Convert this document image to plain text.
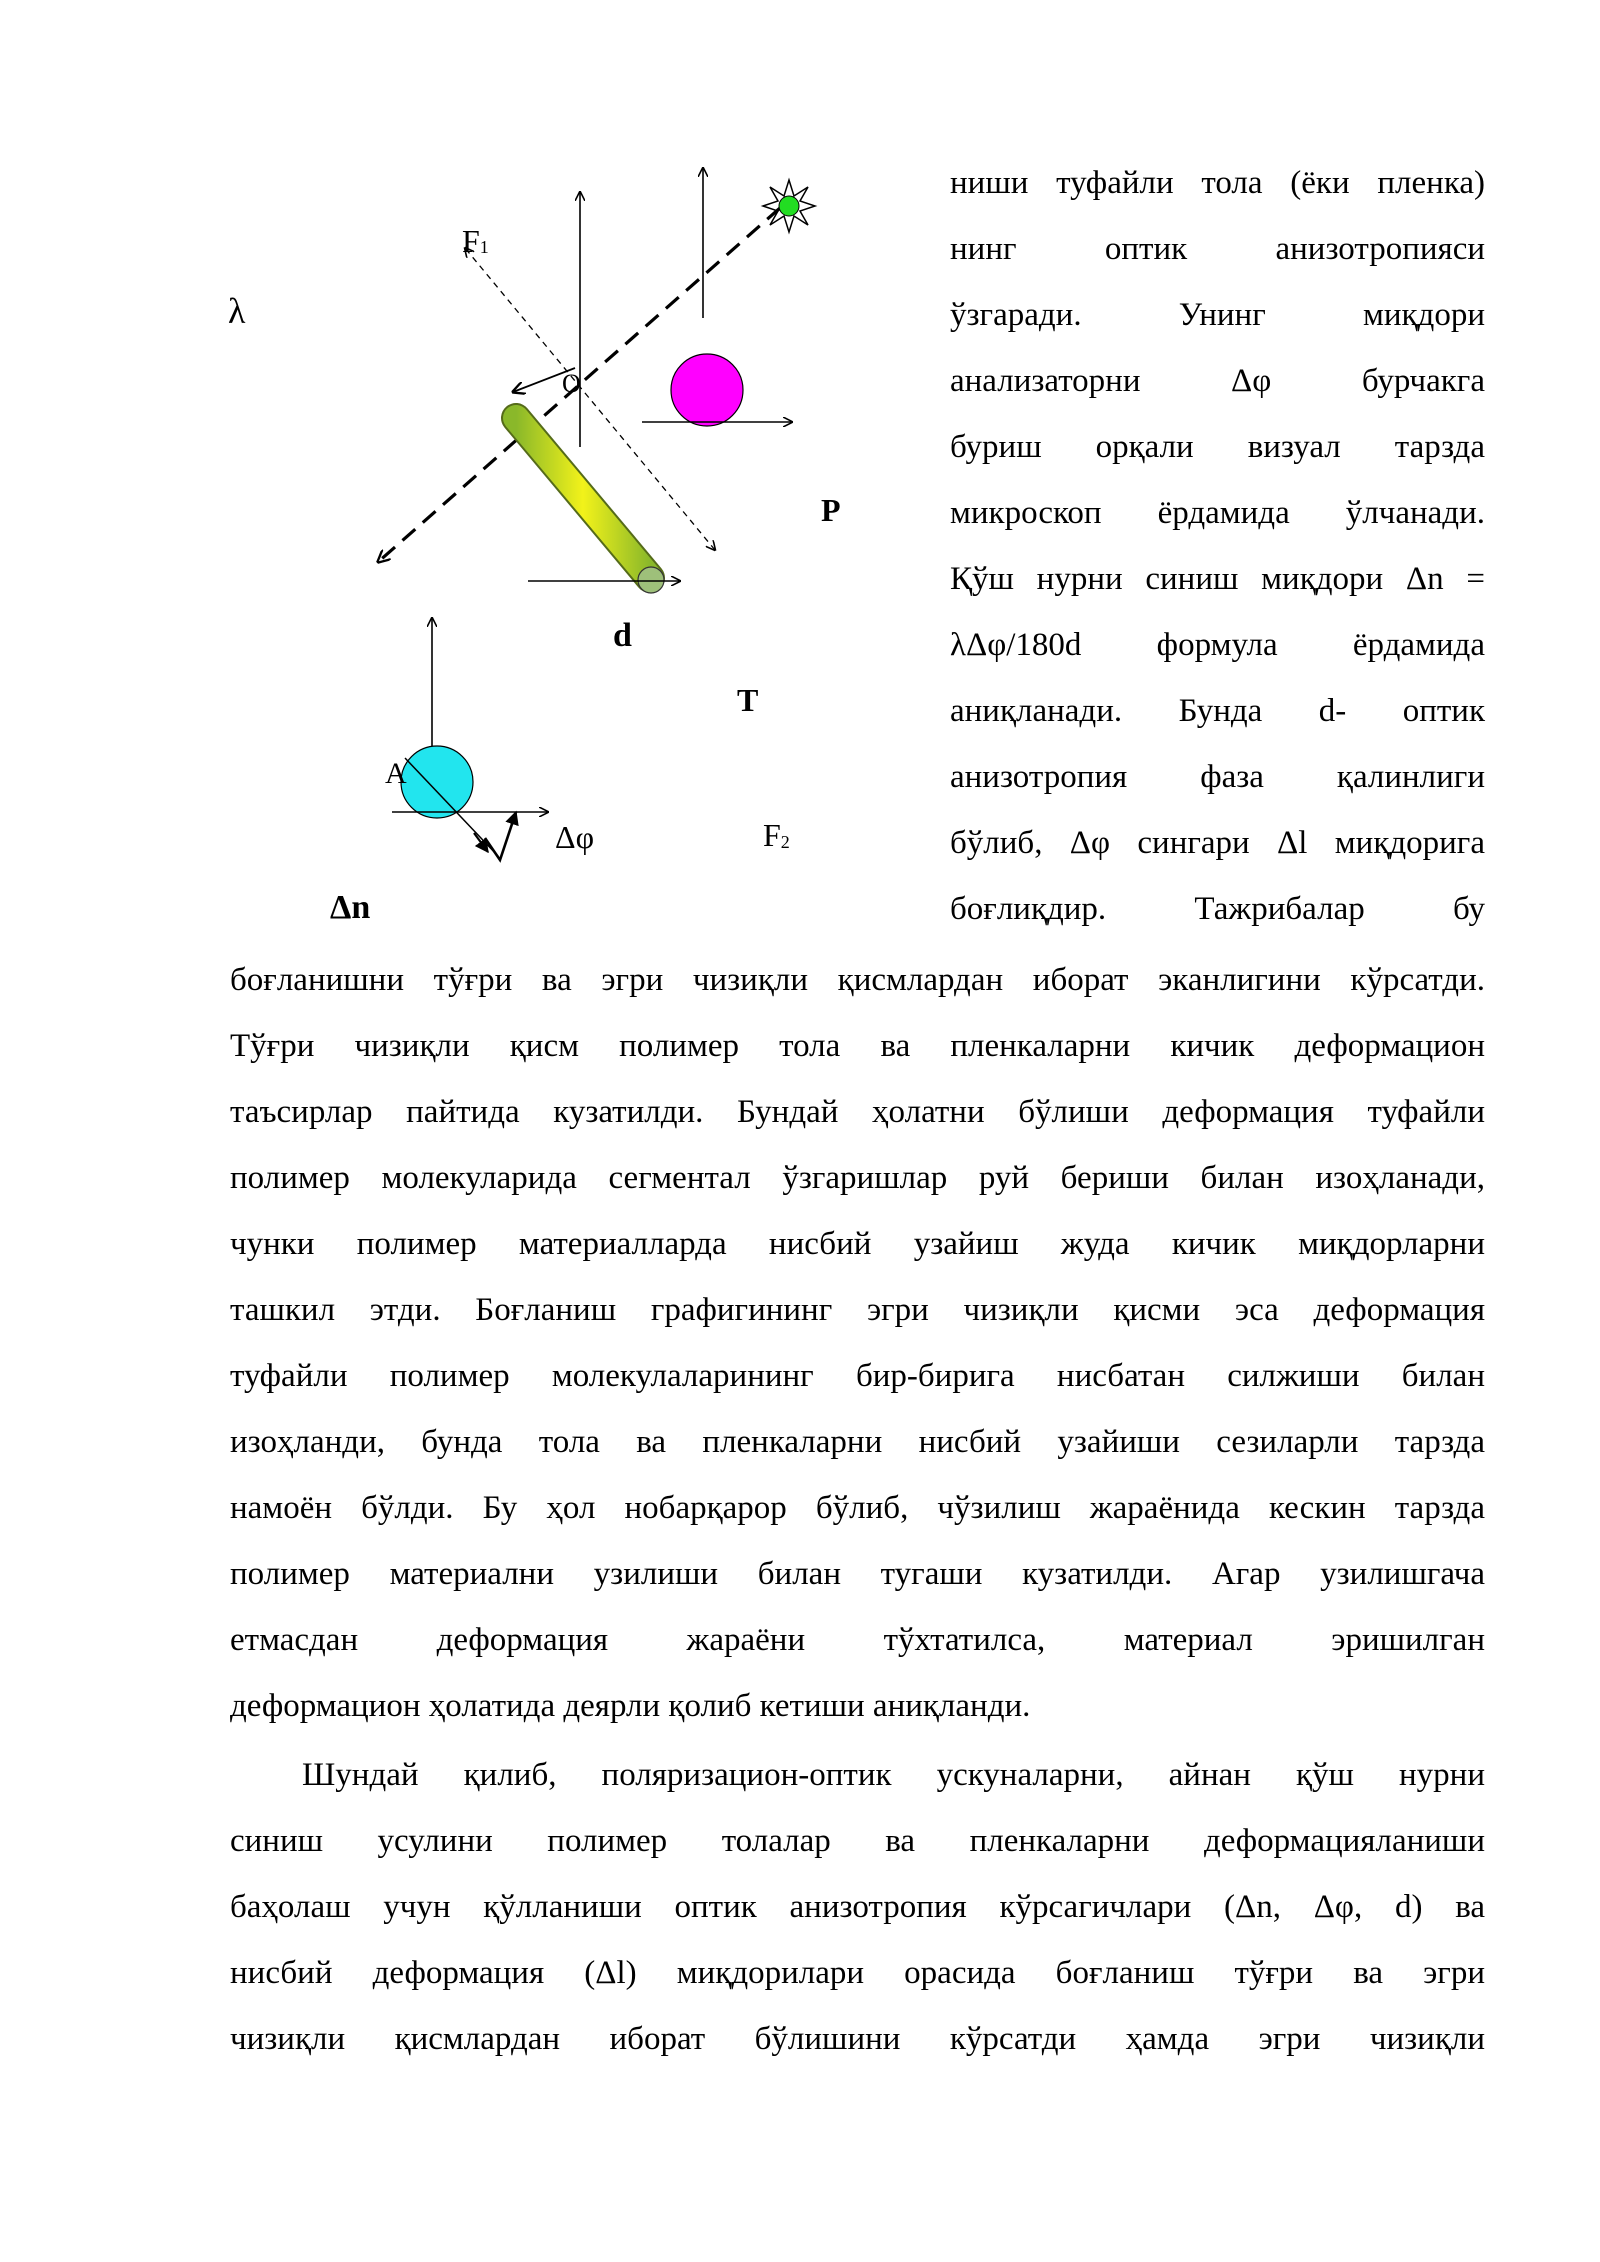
λ
F1
O
P
d
T
A
Δφ	F2
Δn
ниши туфайли тола (ёки пленка)
нинг оптик анизотропияси
ўзгаради. Унинг миқдори
анализаторни Δφ бурчакга
буриш орқали визуал тарзда
микроскоп ёрдамида ўлчанади.
Қўш нурни синиш миқдори Δn =
λΔφ/180d формула ёрдамида
аниқланади. Бунда d- оптик
анизотропия фаза қалинлиги
бўлиб, Δφ сингари Δl миқдорига
боғлиқдир. Тажрибалар бу
боғланишни тўғри ва эгри чизиқли қисмлардан иборат эканлигини кўрсатди.
Тўғри чизиқли қисм полимер тола ва пленкаларни кичик деформацион
таъсирлар пайтида кузатилди. Бундай ҳолатни бўлиши деформация туфайли
полимер молекуларида сегментал ўзгаришлар руй бериши билан изоҳланади,
чунки полимер материалларда нисбий узайиш жуда кичик миқдорларни
ташкил этди. Боғланиш графигининг эгри чизиқли қисми эса деформация
туфайли полимер молекулаларининг бир-бирига нисбатан силжиши билан
изоҳланди, бунда тола ва пленкаларни нисбий узайиши сезиларли тарзда
намоён бўлди. Бу ҳол нобарқарор бўлиб, чўзилиш жараёнида кескин тарзда
полимер материални узилиши билан тугаши кузатилди. Агар узилишгача
етмасдан деформация жараёни тўхтатилса, материал эришилган
деформацион ҳолатида деярли қолиб кетиши аниқланди.
Шундай қилиб, поляризацион-оптик ускуналарни, айнан қўш нурни
синиш усулини полимер толалар ва пленкаларни деформацияланиши
баҳолаш учун қўлланиши оптик анизотропия кўрсагичлари (Δn, Δφ, d) ва
нисбий деформация (Δl) миқдорилари орасида боғланиш тўғри ва эгри
чизиқли қисмлардан иборат бўлишини кўрсатди ҳамда эгри чизиқли
